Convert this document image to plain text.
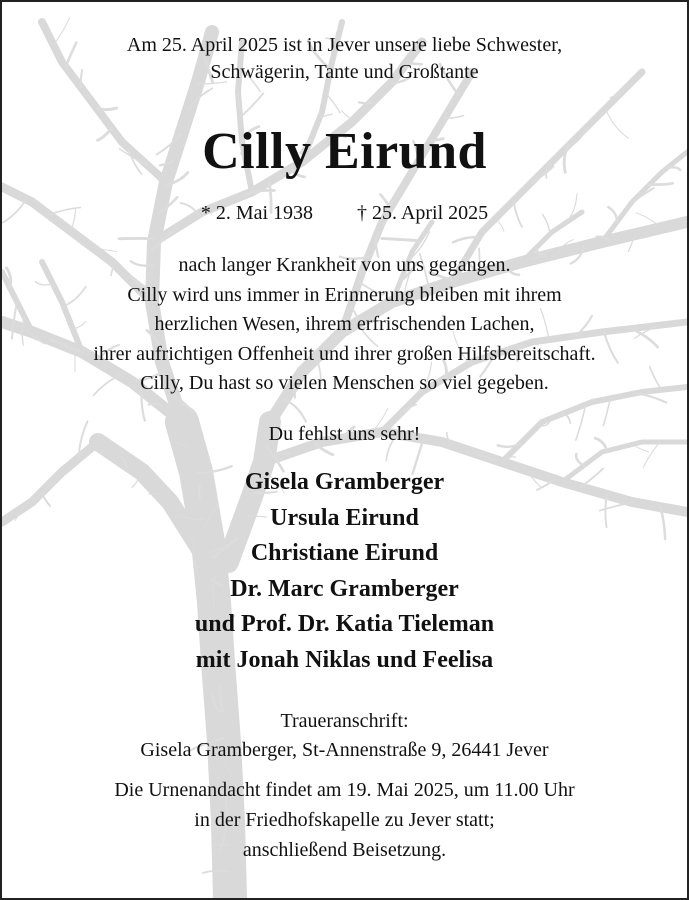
Am 25. April 2025 ist in Jever unsere liebe Schwester,
Schwägerin, Tante und Großtante
Cilly Eirund
* 2. Mai 1938 † 25. April 2025
nach langer Krankheit von uns gegangen.
Cilly wird uns immer in Erinnerung bleiben mit ihrem
herzlichen Wesen, ihrem erfrischenden Lachen,
ihrer aufrichtigen Offenheit und ihrer großen Hilfsbereitschaft.
Cilly, Du hast so vielen Menschen so viel gegeben.
Du fehlst uns sehr!
Gisela Gramberger
Ursula Eirund
Christiane Eirund
Dr. Marc Gramberger
und Prof. Dr. Katia Tieleman
mit Jonah Niklas und Feelisa
Traueranschrift:
Gisela Gramberger, St-Annenstraße 9, 26441 Jever
Die Urnenandacht findet am 19. Mai 2025, um 11.00 Uhr
in der Friedhofskapelle zu Jever statt;
anschließend Beisetzung.
